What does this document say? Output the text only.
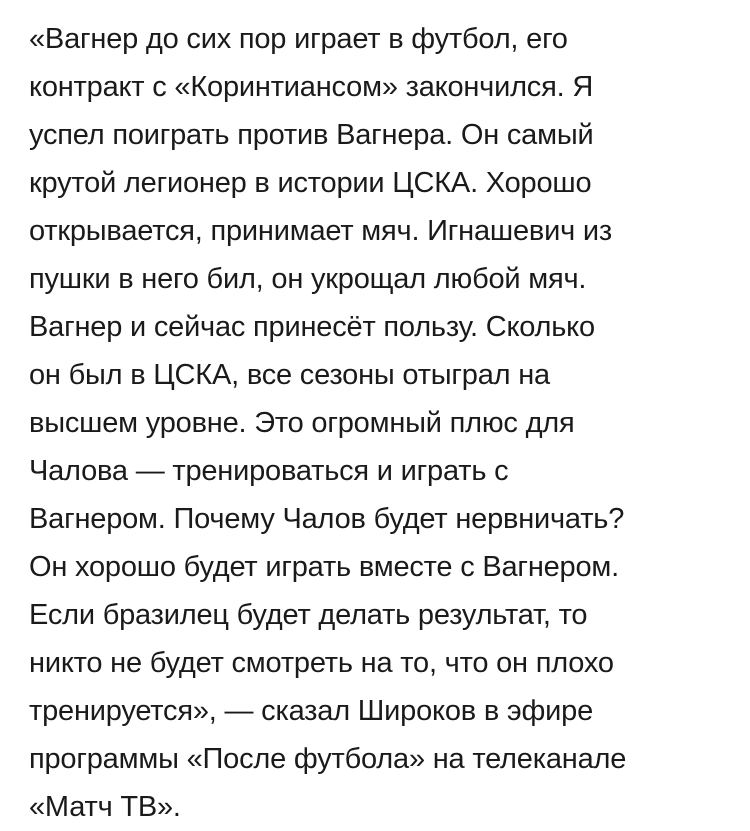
«Вагнер до сих пор играет в футбол, его
контракт с «Коринтиансом» закончился. Я
успел поиграть против Вагнера. Он самый
крутой легионер в истории ЦСКА. Хорошо
открывается, принимает мяч. Игнашевич из
пушки в него бил, он укрощал любой мяч.
Вагнер и сейчас принесёт пользу. Сколько
он был в ЦСКА, все сезоны отыграл на
высшем уровне. Это огромный плюс для
Чалова — тренироваться и играть с
Вагнером. Почему Чалов будет нервничать?
Он хорошо будет играть вместе с Вагнером.
Если бразилец будет делать результат, то
никто не будет смотреть на то, что он плохо
тренируется», — сказал Широков в эфире
программы «После футбола» на телеканале
«Матч ТВ».
